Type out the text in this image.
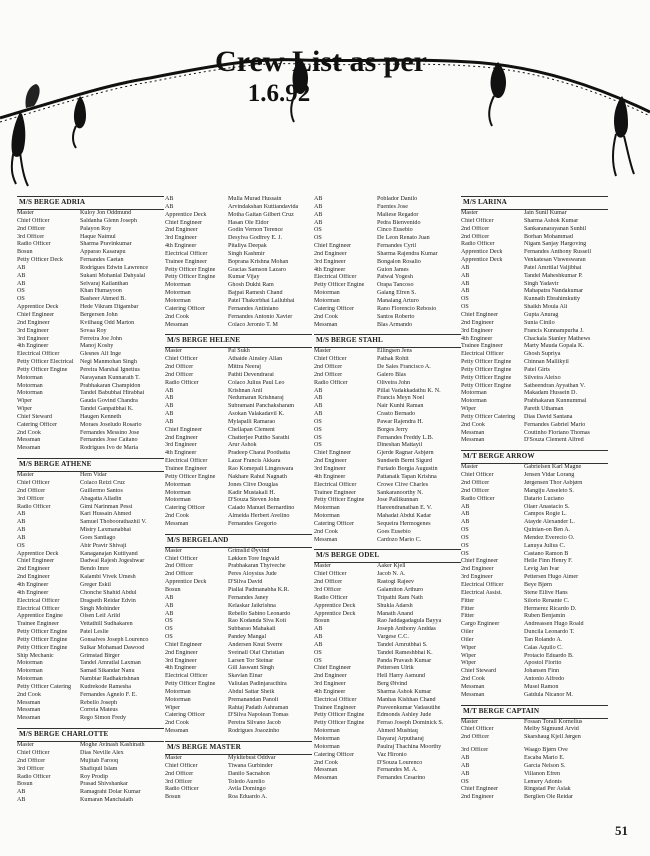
Crew List as per
1.6.92
M/S BERGE ADRIA
Master	Kuloy Jon Oddmund
Chief Officer	Saldanha Glenn Joseph
2nd Officer	Palayon Roy
3rd Officer	Haque Naimul
Radio Officer	Sharma Pravinkumar
Bosun	Apparao Kasarapu
Petty Officer Deck	Fernandes Caetan
AB	Rodrigues Edwin Lawrence
AB	Sukani Mohanlal Dahyalal
AB	Selvaraj Kailanthan
OS	Khan Humayoon
OS	Basheer Ahmed B.
Apprentice Deck	Hede Vikram Digambar
Chief Engineer	Bergersen John
2nd Engineer	Kvilhaug Odd Marton
3rd Engineer	Sovaa Roy
3rd Engineer	Ferreira Joe John
4th Engineer	Manoj Koshy
Electrical Officer	Glesnes Alf Inge
Petty Officer Electrical	Negi Manmohan Singh
Petty Officer Engine	Pereira Marshal Ignetius
Motorman	Narayanan Kunnarath T.
Motorman	Prabhakaran Champidon
Motorman	Tandel Babubhai Hirabhai
Wiper	Gauda Govind Chandra
Wiper	Tandel Ganpatbhai K.
Chief Steward	Haugen Kenneth
Catering Officer	Moraes Joseludo Rosario
2nd Cook	Fernandes Messino Jose
Messman	Fernandes Jose Caitano
Messman	Rodrigues Ivo de Maria
M/S BERGE ATHENE
Master	Hem Vidar
Chief Officer	Colaco Reizi Cruz
2nd Officer	Guillermo Santos
3rd Officer	Abagatta Alladin
Radio Officer	Gimi Narinman Pessi
AB	Kari Hussain Ahmed
AB	Samuel Thoboorathazhil V.
AB	Mistry Laxmanabhai
AB	Goes Santiago
OS	Abir Pravir Shivaji
Apprentice Deck	Kanaganajan Kuttiyand
Chief Engineer	Dadwal Rajesh Jogeshwar
2nd Engineer	Bendo Imre
2nd Engineer	Kalambi Vivek Umesh
4th Engineer	Greger Eskil
4th Engineer	Chonche Shahid Abdul
Electrical Officer	Dragseth Reidar Edvin
Electrical Officer	Singh Mohinder
Apprentice Engine	Olsen Leif Arild
Trainee Engineer	Vettathill Sudhakaren
Petty Officer Engine	Patel Leslie
Petty Officer Engine	Gonsalves Joseph Lourenco
Petty Officer Engine	Sulkar Mohamad Dawood
Ship Mechanic	Grimstad Birger
Motorman	Tandel Amratlal Laxman
Motorman	Samad Sikandar Nanu
Motorman	Nambiar Radhakrishnan
Petty Officer Catering	Kudrekode Ramesha
2nd Cook	Fernandes Agnelo F. E.
Messman	Rebello Joseph
Messman	Correia Mateus
Messman	Rego Simon Fredy
M/S BERGE CHARLOTTE
Master	Moghe Avinash Kashinath
Chief Officer	Dias Neville Alex
2nd Officer	Mujitab Farooq
3rd Officer	Shafiquil Islam
Radio Officer	Roy Prodip
Bosun	Prasad Shivshankar
AB	Ramagrahi Dolar Kumar
AB	Kumaran Manchalath
AB	Mulla Murad Hussain
AB	Arvindakshan Kuttiandavida
Apprentice Deck	Motha Gaitan Gilbert Cruz
Chief Engineer	Hasan Ole Eldor
2nd Engineer	Godin Vernon Terence
3rd Engineer	Desylva Godfrey E. J.
4th Engineer	Pitaliya Deepak
Electrical Officer	Singh Kashmir
Trainee Engineer	Boprana Krishna Mohan
Petty Officer Engine	Gracias Samson Lazaro
Petty Officer Engine	Kumar Vijay
Motorman	Ghosh Dukhi Ram
Motorman	Bajpai Ramesh Chand
Motorman	Patel Thakorbhai Lallubhai
Catering Officer	Fernandes Antiniano
2nd Cook	Fernandes Antonio Xavier
Messman	Colaco Jeronio T. M
M/S BERGE HELENE
Master	Pal Sukh
Chief Officer	Athaide Ainsley Allan
2nd Officer	Mittra Neeraj
2nd Officer	Pathti Devendrarai
Radio Officer	Colaco Julius Paul Leo
AB	Krishnan Anil
AB	Nedumaran Krishnaraj
AB	Subramani Panchaksharam
AB	Asokan Valakadavil K.
AB	Mylapalli Ramarao
Chief Engineer	Chellapan Clement
2nd Engineer	Chatterjee Puttho Sarathi
3rd Engineer	Arur Ashok
4th Engineer	Pradeep Charai Poothatta
Electrical Officer	Lazar Francis Akkara
Trainee Engineer	Rao Komepali Lingeswara
Petty Officer Engine	Nakhare Rahul Nagnath
Motorman	Jones Clive Douglas
Motorman	Kadir Mustakali H.
Motorman	D'Souza Steven John
Catering Officer	Caiado Manuel Bernardino
2nd Cook	Almeida Herbert Avelino
Messman	Fernandes Gregorio
M/S BERGELAND
Master	Grimslid Øyvind
Chief Officer	Løkken Tore Ingvald
2nd Officer	Prabhakaran Thyiveche
2nd Officer	Peres Aloysius Jude
Apprentice Deck	D'Silva David
Bosun	Piallai Padmanabha K.R.
AB	Fernandes Janey
AB	Kelaskar Jaikrishna
AB	Rebello Sabino Leonardo
OS	Rao Kodanda Siva Koti
OS	Subbarao Mahakali
OS	Pandey Mangal
Chief Engineer	Andersen Knut Sverre
2nd Engineer	Sveinall Olaf Christian
3rd Engineer	Larsen Tor Steinar
4th Engineer	Gill Jaswant Singh
Electrical Officer	Skavlan Einar
Petty Officer Engine	Valiulan Padinjaracthira
Motorman	Abdul Sattar Sheik
Motorman	Premanandan Panoli
Wiper	Rahtaj Padath Ashraman
Catering Officer	D'Silva Napolean Tomas
2nd Cook	Pereira Silvano Jacob
Messman	Rodrigues Joaozinho
M/S BERGE MASTER
Master	Mykltebust Oddvar
Chief Officer	Tiwana Gurbinder
2nd Officer	Danilo Sacnahon
3rd Officer	Toledo Aurelio
Radio Officer	Avila Domingo
Bosun	Roa Eduardo A.
AB	Poblador Danilo
AB	Fuentes Jose
AB	Maliese Regador
AB	Pedra Bienvenido
OS	Cinco Eusebio
OS	De Leon Renato Juan
Chief Engineer	Fernandes Cyril
2nd Engineer	Sharma Rajendra Kumar
3rd Engineer	Bongalon Rosalio
4th Engineer	Guion James
Electrical Officer	Patwal Yogesh
Petty Officer Engine	Orapa Tancoso
Motorman	Galang Efren S.
Motorman	Manalang Arturo
Catering Officer	Rano Florencio Rebosio
2nd Cook	Santos Roberto
Messman	Blas Armando
M/S BERGE STAHL
Master	Ellingsen Jens
Chief Officer	Pathak Rohit
2nd Officer	De Sales Francisco A.
2nd Officer	Galero Blas
Radio Officer	Oliveira John
AB	Pillai Vadakkadathu K. N.
AB	Francis Meyn Noel
AB	Nair Kunhi Raman
AB	Crasto Bernado
OS	Pawar Rajendra H.
OS	Borges Jerry
OS	Fernandes Freddy L.B.
OS	Dineshan Mattayil
Chief Engineer	Gjerde Ragnar Asbjørn
2nd Engineer	Sundseth Bernt Sigurd
3rd Engineer	Furtado Borgia Augustin
4th Engineer	Pattanaik Tapan Krishna
Electrical Officer	Crowe Clive Charles
Trainee Engineer	Sankaranoorthy N.
Petty Officer Engine	Jose Pallikunnan
Motorman	Hareendranathan E. V.
Motorman	Mahadat Abdul Kadar
Catering Officer	Sequeira Hermogenes
2nd Cook	Goes Eusebio
Messman	Cardozo Mario C.
M/S BERGE ODEL
Master	Aaker Kjell
Chief Officer	Jacob N. A.
2nd Officer	Rastogi Rajeev
3rd Officer	Galamiton Arthuro
Radio Officer	Tripathi Ram Nath
Apprentice Deck	Shukla Adarsh
Apprentice Deck	Manath Anand
Bosun	Rao Jaddagadagula Bayya
AB	Joseph Anthony Anddas
AB	Vargese C.C.
AB	Tandel Amrutbhai S.
OS	Tandel Rameshbhai K.
OS	Panda Pravash Kumar
Chief Engineer	Pettersen Ulrik
2nd Engineer	Hell Harry Asmund
3rd Engineer	Berg Øivind
4th Engineer	Sharma Ashok Kumar
Electrical Officer	Manhas Kishhan Chand
Trainee Engineer	Praveenkumar Vadasutihe
Petty Officer Engine	Edmonds Ashley Jude
Petty Officer Engine	Ferrao Joseph Dominick S.
Motorman	Ahmed Mushtaq
Motorman	Dayaraj Arputharaj
Motorman	Paulraj Thachina Moorthy
Catering Officer	Vaz Hironio
2nd Cook	D'Souza Lourenco
Messman	Fernandes M. A.
Messman	Fernandes Cesarino
M/S LARINA
Master	Jain Sunil Kumar
Chief Officer	Sharma Ashok Kumar
2nd Officer	Sankaranarayanan Sunhil
2nd Officer	Borhan Mohammad
Radio Officer	Nigam Sanjay Hargoving
Apprentice Deck	Fernandes Anthony Russell
Apprentice Deck	Venkatesan Visweswaran
AB	Patel Amritlal Valjibhai
AB	Tandel Maheshkumar P.
AB	Singh Yadavir
AB	Mahapatra Nandakumar
OS	Kunnath Ebrahimkutty
OS	Shaikh Moula Ali
Chief Engineer	Gupta Anurag
2nd Engineer	Sunia Cinilo
3rd Engineer	Francis Kunnampurha J.
4th Engineer	Chackala Stanley Mathews
Trainee Engineer	Marty Mauda Gopala K.
Electrical Officer	Ghosh Supriya
Petty Officer Engine	Chinnan Mallikyil
Petty Officer Engine	Patel Girts
Petty Officer Engine	Silveira Aleixo
Petty Officer Engine	Satheendran Ayyathan V.
Motorman	Makadam Hussein D.
Motorman	Prabhakaran Kunnummal
Wiper	Pareth Uthaman
Petty Officer Catering	Dias David Santana
2nd Cook	Fernandes Gabriel Mario
Messman	Coutinho Floriano Thomas
Messman	D'Souza Clement Alfred
M/T BERGE ARROW
Master	Gabrielsen Karl Magne
Chief Officer	Jensen Vidar Lorang
2nd Officer	Jørgensen Thor Asbjørn
2nd Officer	Mangiju Anseleto S.
Radio Officer	Datario Luciano
AB	Olaer Anastacio S.
AB	Campos Rogie L.
AB	Atayde Alexander L.
OS	Quinian-on Ben A.
OS	Mendez Everecio O.
OS	Lanuya Julius C.
OS	Castano Ramon B
Chief Engineer	Helle Finn Henry F.
2nd Engineer	Levig Jan Ivar
3rd Engineer	Pettersen Hugo Aimer
Electrical Officer	Beye Bjørn
Electrical Assist.	Stene Eilive Hans
Fitter	Silorio Renante C.
Fitter	Hermerez Ricardo D.
Fitter	Ruben Benjamin
Cargo Engineer	Andreassen Hugo Roald
Oiler	Duncila Leonardo T.
Oiler	Tan Rolando A.
Wiper	Calas Aquilo C.
Wiper	Protacio Eduardo B.
Wiper	Apostol Florito
Chief Steward	Johansen Finn
2nd Cook	Antonio Alfredo
Messman	Musel Ramon
Messman	Gatdula Nicanor M.
M/T BERGE CAPTAIN
Master	Fossan Torall Kornelius
Chief Officer	Melby Sigmund Arvid
2nd Officer	Skarshaug Kjell Jørgen
3rd Officer	Waago Bjørn Ove
AB	Escaba Mario E.
AB	Garcia Nelson S.
AB	Villanon Efren
OS	Lemery Adonis
Chief Engineer	Ringstad Per Aslak
2nd Engineer	Berglien Ole Reidar
51
